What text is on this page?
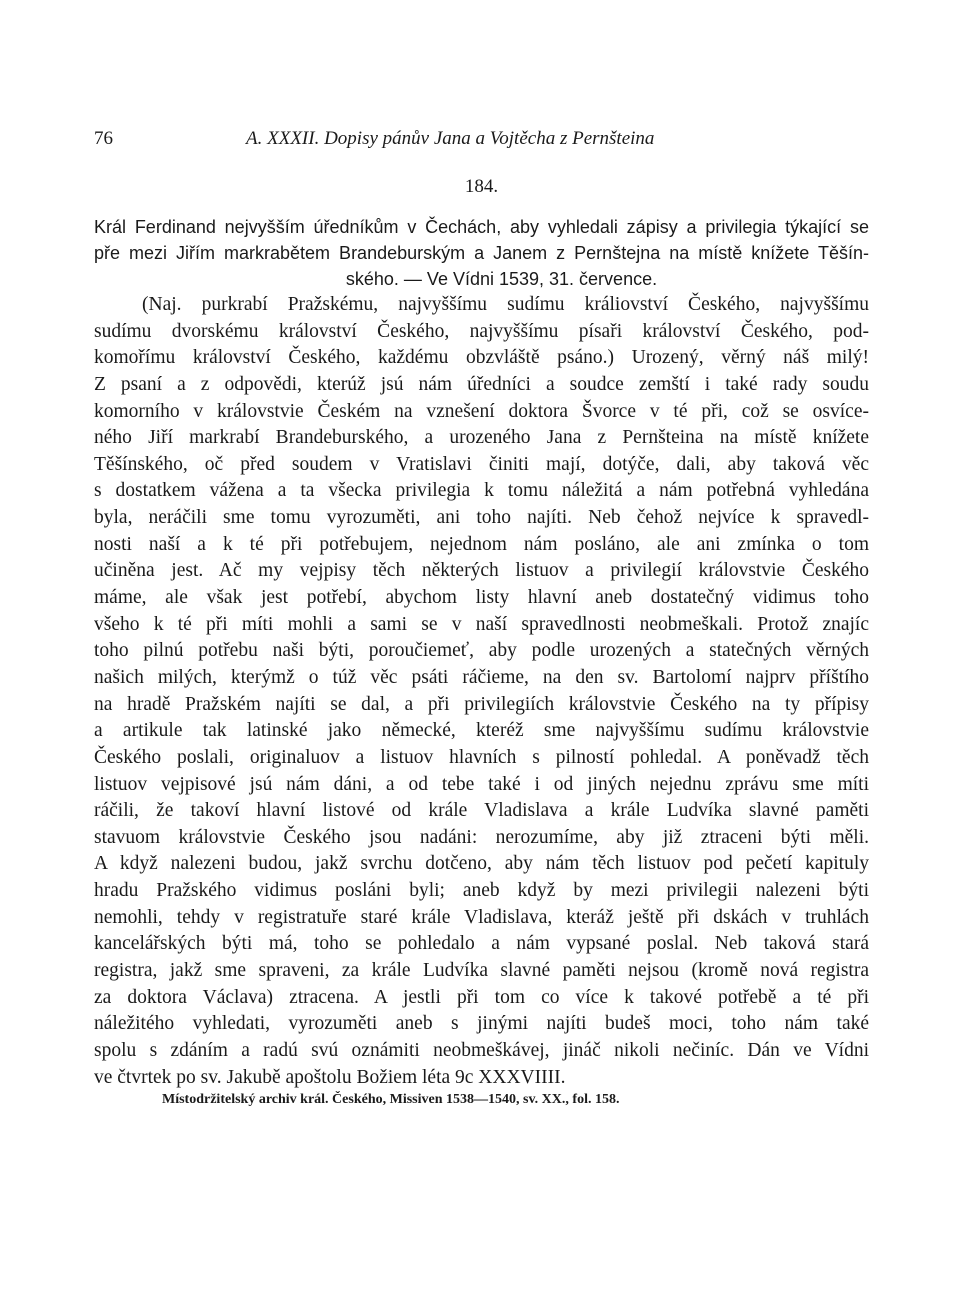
76	A. XXXII. Dopisy pánův Jana a Vojtěcha z Pernšteina
184.
Král Ferdinand nejvyšším úředníkům v Čechách, aby vyhledali zápisy a privilegia týkající se
pře mezi Jiřím markrabětem Brandeburským a Janem z Pernštejna na místě knížete Těšín-
ského. — Ve Vídni 1539, 31. července.
(Naj. purkrabí Pražskému, najvyššímu sudímu králiovství Českého, najvyššímu
sudímu dvorskému království Českého, najvyššímu písaři království Českého, pod-
komořímu království Českého, každému obzvláště psáno.) Urozený, věrný náš milý!
Z psaní a z odpovědi, kterúž jsú nám úředníci a soudce zemští i také rady soudu
komorního v královstvie Českém na vznešení doktora Švorce v té při, což se osvíce-
ného Jiří markrabí Brandeburského, a urozeného Jana z Pernšteina na místě knížete
Těšínského, oč před soudem v Vratislavi činiti mají, dotýče, dali, aby taková věc
s dostatkem vážena a ta všecka privilegia k tomu náležitá a nám potřebná vyhledána
byla, neráčili sme tomu vyrozuměti, ani toho najíti. Neb čehož nejvíce k spravedl-
nosti naší a k té při potřebujem, nejednom nám posláno, ale ani zmínka o tom
učiněna jest. Ač my vejpisy těch některých listuov a privilegií královstvie Českého
máme, ale však jest potřebí, abychom listy hlavní aneb dostatečný vidimus toho
všeho k té při míti mohli a sami se v naší spravedlnosti neobmeškali. Protož znajíc
toho pilnú potřebu naši býti, poroučiemeť, aby podle urozených a statečných věrných
našich milých, kterýmž o túž věc psáti ráčieme, na den sv. Bartolomí najprv příštího
na hradě Pražském najíti se dal, a při privilegiích královstvie Českého na ty přípisy
a artikule tak latinské jako německé, kteréž sme najvyššímu sudímu královstvie
Českého poslali, originaluov a listuov hlavních s pilností pohledal. A poněvadž těch
listuov vejpisové jsú nám dáni, a od tebe také i od jiných nejednu zprávu sme míti
ráčili, že takoví hlavní listové od krále Vladislava a krále Ludvíka slavné paměti
stavuom královstvie Českého jsou nadáni: nerozumíme, aby již ztraceni býti měli.
A když nalezeni budou, jakž svrchu dotčeno, aby nám těch listuov pod pečetí kapituly
hradu Pražského vidimus posláni byli; aneb když by mezi privilegii nalezeni býti
nemohli, tehdy v registratuře staré krále Vladislava, kteráž ještě při dskách v truhlách
kancelářských býti má, toho se pohledalo a nám vypsané poslal. Neb taková stará
registra, jakž sme spraveni, za krále Ludvíka slavné paměti nejsou (kromě nová registra
za doktora Václava) ztracena. A jestli při tom co více k takové potřebě a té při
náležitého vyhledati, vyrozuměti aneb s jinými najíti budeš moci, toho nám také
spolu s zdáním a radú svú oznámiti neobmeškávej, jináč nikoli nečiníc. Dán ve Vídni
ve čtvrtek po sv. Jakubě apoštolu Božiem léta 9c XXXVIIII.
Místodržitelský archiv král. Českého, Missiven 1538—1540, sv. XX., fol. 158.
